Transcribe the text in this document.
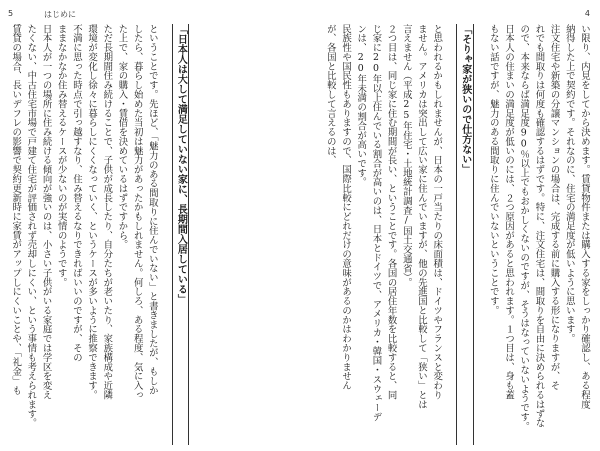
5	はじめに	4
い限り、内見をしてから決めます。賃貸物件または購入する家をしっかり確認し、ある程度
納得した上で契約です。それなのに、住宅の満足度が低いように思います。
注文住宅や新築の分譲マンションの場合は、完成する前に購入する形になりますが、そ
れでも間取りは何度も確認するはずです。特に、注文住宅は、間取りを自由に決められるはずな
ので、本来ならば満足度90％以上でもおかしくないのですが、そうはなっていないようです。
日本人の住まいの満足度が低いのには、２つ原因があると思われます。１つ目は、身も蓋
もない話ですが、魅力のある間取りに住んでいないということです。
「そりゃ家が狭いので仕方ない」
と思われるかもしれませんが、日本の一戸当たりの床面積は、ドイツやフランスと変わり
ません。アメリカは突出して広い家に住んでいますが、他の先進国と比較して「狭い」とは
言えません（平成25年住宅・土地統計調査/国土交通省）。
２つ目は、同じ家に住む期間が長い、ということです。各国の居住年数を比較すると、同
じ家に20年以上住んでいる割合が高いのは、日本とドイツで、アメリカ・韓国・スウェーデ
ンは、20年未満の割合が高いです。
民族性や国民性もありますので、国際比較にどれだけの意味があるのかはわかりません
が、各国と比較して言えるのは、
「日本人は大して満足していない家に、長期間入居している」
ということです。先ほど、「魅力のある間取りに住んでいない」と書きましたが、もしか
したら、暮らし始めた当初は魅力があったかもしれません。何しろ、ある程度、気に入っ
た上で、家の購入・賃借を決めているはずですから。
ただ長期間住み続けることで、子供が成長したり、自分たちが老いたり、家族構成や近隣
環境が変化し徐々に暮らしにくくなっていく、というケースが多いように推察できます。
不満に思った時点で引っ越すなり、住み替えるなりできればいいのですが、その
ままなかなか住み替えるケースが少ないのが実情のようです。
日本人が一つの場所に住み続ける傾向が強いのは、小さい子供がいる家庭では学区を変え
たくない、中古住宅市場で戸建て住宅が評価されず売却しにくい、という事情も考えられます。
賃貸の場合、長いデフレの影響で契約更新時に家賃がアップしにくいことや、「礼金」も
